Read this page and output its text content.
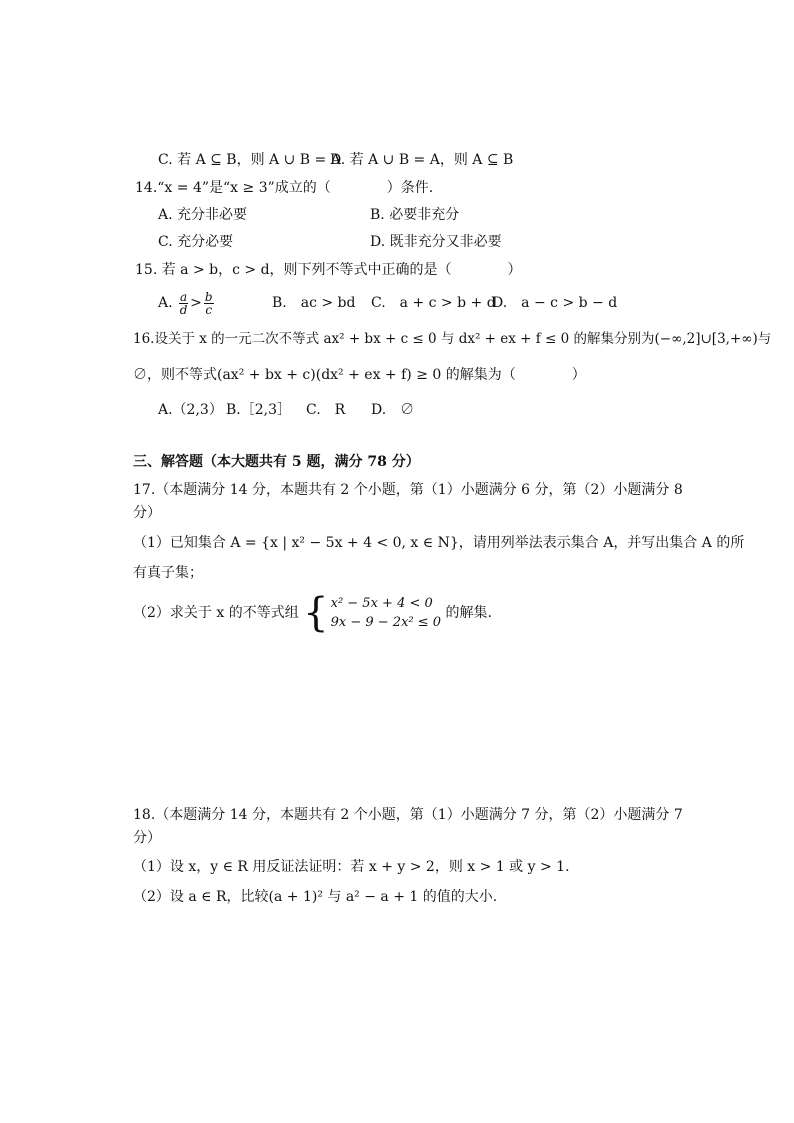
C. 若 A ⊆ B，则 A ∪ B = A
D. 若 A ∪ B = A，则 A ⊆ B
14.“x = 4”是“x ≥ 3”成立的（　　　　）条件.
A. 充分非必要	B. 必要非充分
C. 充分必要	D. 既非充分又非必要
15. 若 a > b，c > d，则下列不等式中正确的是（　　　　）
A. $\frac{a}{d} > \frac{b}{c}$	B.　ac > bd C.　a + c > b + d
D.　a − c > b − d
16.设关于 x 的一元二次不等式 ax² + bx + c ≤ 0 与 dx² + ex + f ≤ 0 的解集分别为(−∞,2]∪[3,+∞)与
∅，则不等式(ax² + bx + c)(dx² + ex + f) ≥ 0 的解集为（　　　　）
A.（2,3） B.［2,3］ C.　R D.　∅
三、解答题（本大题共有 5 题，满分 78 分）
17.（本题满分 14 分，本题共有 2 个小题，第（1）小题满分 6 分，第（2）小题满分 8
分）
（1）已知集合 A = {x | x² − 5x + 4 < 0, x ∈ N}，请用列举法表示集合 A，并写出集合 A 的所
有真子集；
（2）求关于 x 的不等式组 { x² − 5x + 4 < 0
9x − 9 − 2x² ≤ 0
的解集.
18.（本题满分 14 分，本题共有 2 个小题，第（1）小题满分 7 分，第（2）小题满分 7
分）
（1）设 x，y ∈ R 用反证法证明：若 x + y > 2，则 x > 1 或 y > 1.
（2）设 a ∈ R，比较(a + 1)² 与 a² − a + 1 的值的大小.
